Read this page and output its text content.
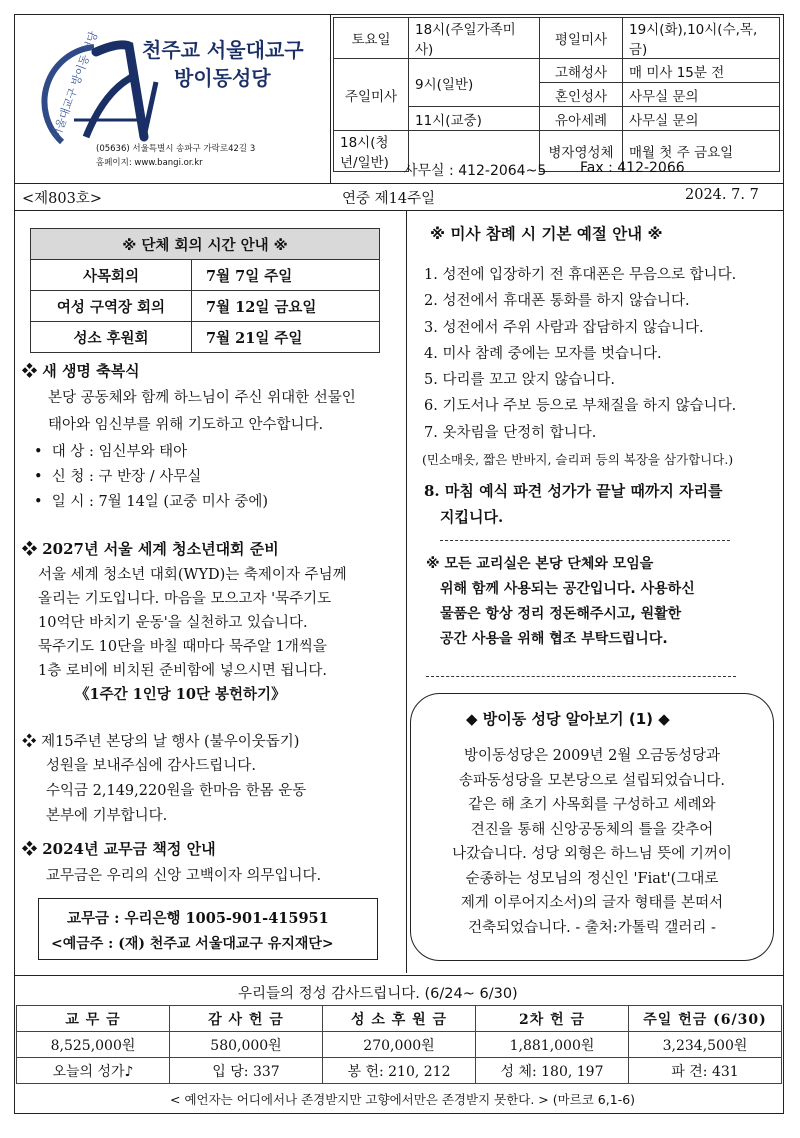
서울대교구 방이동 성당 천주교 서울대교구
방이동성당
(05636) 서울특별시 송파구 가락로42길 3
홈페이지: www.bangi.or.kr
토요일	18시(주일가족미사)	평일미사	19시(화),10시(수,목,금)
주일미사	9시(일반)	고해성사	매 미사 15분 전
		혼인성사	사무실 문의
	11시(교중)	유아세례	사무실 문의
		병자영성체	매월 첫 주 금요일
18시(청년/일반)			사무실 : 412-2064~5 Fax : 412-2066
<제803호>	연중 제14주일	2024. 7. 7
※ 단체 회의 시간 안내 ※	
사목회의	7월 7일 주일
여성 구역장 회의	7월 12일 금요일
성소 후원회	7월 21일 주일
❖ 새 생명 축복식
본당 공동체와 함께 하느님이 주신 위대한 선물인
태아와 임신부를 위해 기도하고 안수합니다.
•  대 상 : 임신부와 태아
•  신 청 : 구 반장 / 사무실
•  일 시 : 7월 14일 (교중 미사 중에)
❖ 2027년 서울 세계 청소년대회 준비
서울 세계 청소년 대회(WYD)는 축제이자 주님께
올리는 기도입니다. 마음을 모으고자 '묵주기도
10억단 바치기 운동'을 실천하고 있습니다.
묵주기도 10단을 바칠 때마다 묵주알 1개씩을
1층 로비에 비치된 준비함에 넣으시면 됩니다.
《1주간 1인당 10단 봉헌하기》
❖ 제15주년 본당의 날 행사 (불우이웃돕기)
성원을 보내주심에 감사드립니다.
수익금 2,149,220원을 한마음 한몸 운동
본부에 기부합니다.
❖ 2024년 교무금 책정 안내
교무금은 우리의 신앙 고백이자 의무입니다.
교무금 : 우리은행 1005-901-415951
<예금주 : (재) 천주교 서울대교구 유지재단>
※ 미사 참례 시 기본 예절 안내 ※
1. 성전에 입장하기 전 휴대폰은 무음으로 합니다.
2. 성전에서 휴대폰 통화를 하지 않습니다.
3. 성전에서 주위 사람과 잡담하지 않습니다.
4. 미사 참례 중에는 모자를 벗습니다.
5. 다리를 꼬고 앉지 않습니다.
6. 기도서나 주보 등으로 부채질을 하지 않습니다.
7. 옷차림을 단정히 합니다.
(민소매옷, 짧은 반바지, 슬리퍼 등의 복장을 삼가합니다.)
8. 마침 예식 파견 성가가 끝날 때까지 자리를
지킵니다.
※ 모든 교리실은 본당 단체와 모임을
위해 함께 사용되는 공간입니다. 사용하신
물품은 항상 정리 정돈해주시고, 원활한
공간 사용을 위해 협조 부탁드립니다.
◆ 방이동 성당 알아보기 (1) ◆
방이동성당은 2009년 2월 오금동성당과
송파동성당을 모본당으로 설립되었습니다.
같은 해 초기 사목회를 구성하고 세례와
견진을 통해 신앙공동체의 틀을 갖추어
나갔습니다. 성당 외형은 하느님 뜻에 기꺼이
순종하는 성모님의 정신인 'Fiat'(그대로
제게 이루어지소서)의 글자 형태를 본떠서
건축되었습니다. - 출처:가톨릭 갤러리 -
우리들의 정성 감사드립니다. (6/24~ 6/30)
교 무 금	감 사 헌 금	성 소 후 원 금	2차 헌 금	주일 헌금 (6/30)
8,525,000원	580,000원	270,000원	1,881,000원	3,234,500원
오늘의 성가♪	입 당: 337	봉 헌: 210, 212	성 체: 180, 197	파 견: 431
< 예언자는 어디에서나 존경받지만 고향에서만은 존경받지 못한다. > (마르코 6,1-6)
